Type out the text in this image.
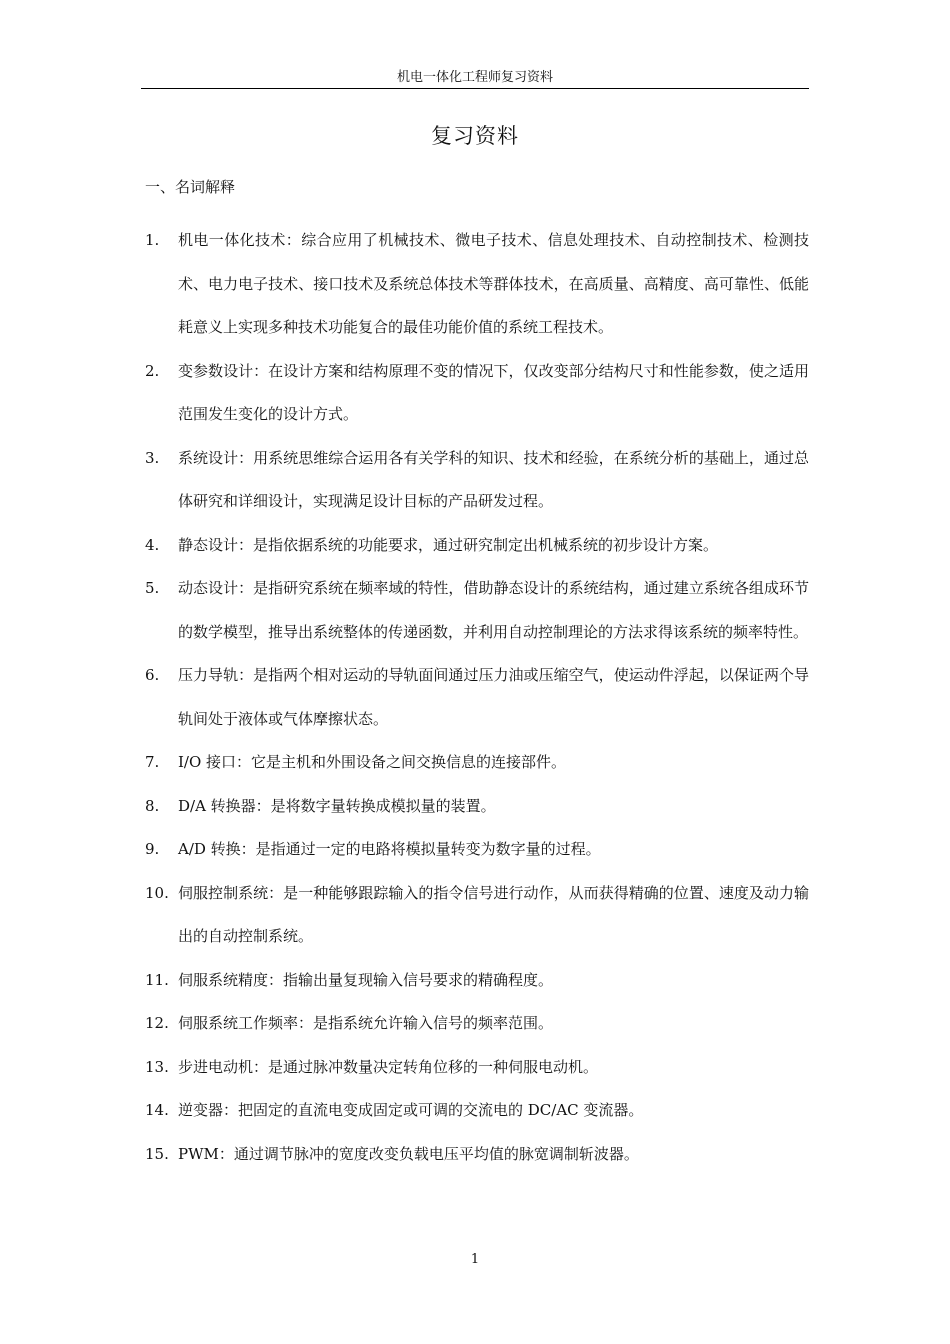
机电一体化工程师复习资料
复习资料
一、名词解释
1. 机电一体化技术：综合应用了机械技术、微电子技术、信息处理技术、自动控制技术、检测技术、电力电子技术、接口技术及系统总体技术等群体技术，在高质量、高精度、高可靠性、低能耗意义上实现多种技术功能复合的最佳功能价值的系统工程技术。
2. 变参数设计：在设计方案和结构原理不变的情况下，仅改变部分结构尺寸和性能参数，使之适用范围发生变化的设计方式。
3. 系统设计：用系统思维综合运用各有关学科的知识、技术和经验，在系统分析的基础上，通过总体研究和详细设计，实现满足设计目标的产品研发过程。
4. 静态设计：是指依据系统的功能要求，通过研究制定出机械系统的初步设计方案。
5. 动态设计：是指研究系统在频率域的特性，借助静态设计的系统结构，通过建立系统各组成环节的数学模型，推导出系统整体的传递函数，并利用自动控制理论的方法求得该系统的频率特性。
6. 压力导轨：是指两个相对运动的导轨面间通过压力油或压缩空气，使运动件浮起，以保证两个导轨间处于液体或气体摩擦状态。
7. I/O 接口：它是主机和外围设备之间交换信息的连接部件。
8. D/A 转换器：是将数字量转换成模拟量的装置。
9. A/D 转换：是指通过一定的电路将模拟量转变为数字量的过程。
10. 伺服控制系统：是一种能够跟踪输入的指令信号进行动作，从而获得精确的位置、速度及动力输出的自动控制系统。
11. 伺服系统精度：指输出量复现输入信号要求的精确程度。
12. 伺服系统工作频率：是指系统允许输入信号的频率范围。
13. 步进电动机：是通过脉冲数量决定转角位移的一种伺服电动机。
14. 逆变器：把固定的直流电变成固定或可调的交流电的 DC/AC 变流器。
15. PWM：通过调节脉冲的宽度改变负载电压平均值的脉宽调制斩波器。
1
